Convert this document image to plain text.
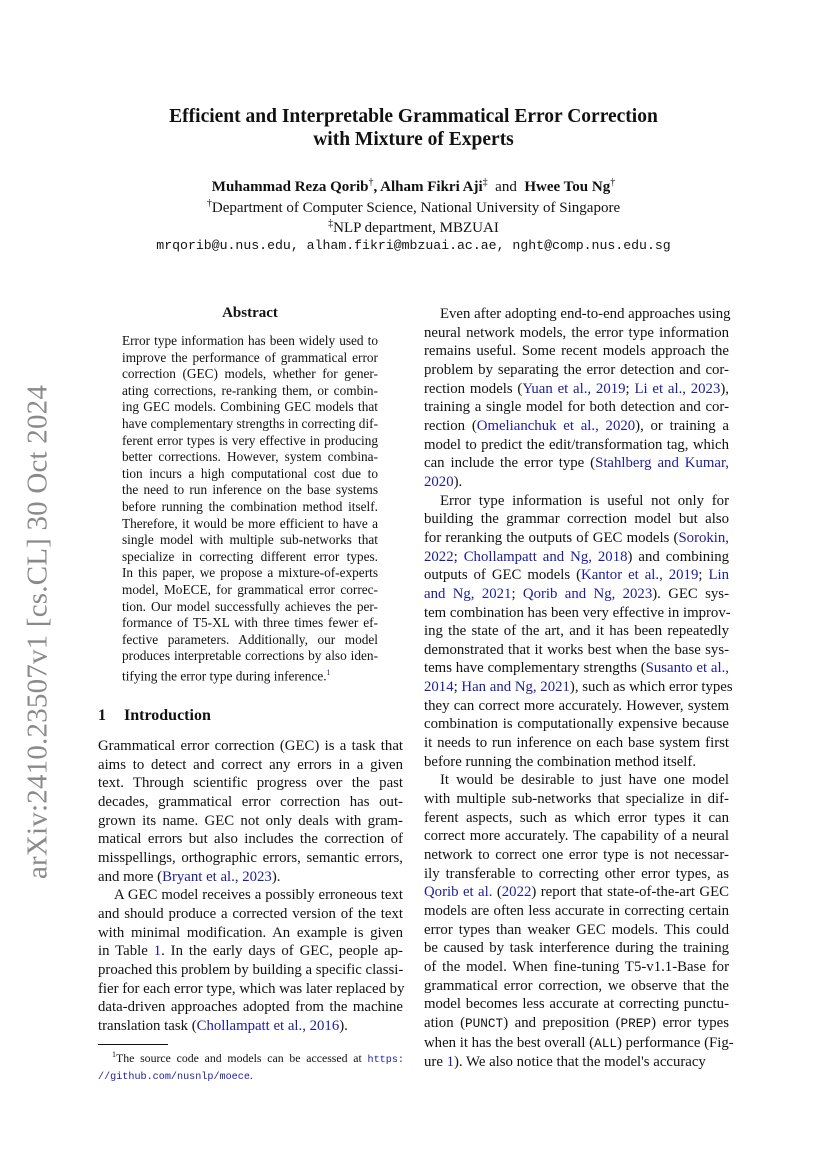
arXiv:2410.23507v1 [cs.CL] 30 Oct 2024
Efficient and Interpretable Grammatical Error Correction
with Mixture of Experts
Muhammad Reza Qorib†, Alham Fikri Aji‡ and Hwee Tou Ng†
†Department of Computer Science, National University of Singapore
‡NLP department, MBZUAI
mrqorib@u.nus.edu, alham.fikri@mbzuai.ac.ae, nght@comp.nus.edu.sg
Abstract
Error type information has been widely used to
improve the performance of grammatical error
correction (GEC) models, whether for gener-
ating corrections, re-ranking them, or combin-
ing GEC models. Combining GEC models that
have complementary strengths in correcting dif-
ferent error types is very effective in producing
better corrections. However, system combina-
tion incurs a high computational cost due to
the need to run inference on the base systems
before running the combination method itself.
Therefore, it would be more efficient to have a
single model with multiple sub-networks that
specialize in correcting different error types.
In this paper, we propose a mixture-of-experts
model, MoECE, for grammatical error correc-
tion. Our model successfully achieves the per-
formance of T5-XL with three times fewer ef-
fective parameters. Additionally, our model
produces interpretable corrections by also iden-
tifying the error type during inference.$^1$
1 Introduction
Grammatical error correction (GEC) is a task that
aims to detect and correct any errors in a given
text. Through scientific progress over the past
decades, grammatical error correction has out-
grown its name. GEC not only deals with gram-
matical errors but also includes the correction of
misspellings, orthographic errors, semantic errors,
and more (Bryant et al., 2023).
A GEC model receives a possibly erroneous text
and should produce a corrected version of the text
with minimal modification. An example is given
in Table 1. In the early days of GEC, people ap-
proached this problem by building a specific classi-
fier for each error type, which was later replaced by
data-driven approaches adopted from the machine
translation task (Chollampatt et al., 2016).
$^1$The source code and models can be accessed at https:
//github.com/nusnlp/moece.
Even after adopting end-to-end approaches using
neural network models, the error type information
remains useful. Some recent models approach the
problem by separating the error detection and cor-
rection models (Yuan et al., 2019; Li et al., 2023),
training a single model for both detection and cor-
rection (Omelianchuk et al., 2020), or training a
model to predict the edit/transformation tag, which
can include the error type (Stahlberg and Kumar,
2020).
Error type information is useful not only for
building the grammar correction model but also
for reranking the outputs of GEC models (Sorokin,
2022; Chollampatt and Ng, 2018) and combining
outputs of GEC models (Kantor et al., 2019; Lin
and Ng, 2021; Qorib and Ng, 2023). GEC sys-
tem combination has been very effective in improv-
ing the state of the art, and it has been repeatedly
demonstrated that it works best when the base sys-
tems have complementary strengths (Susanto et al.,
2014; Han and Ng, 2021), such as which error types
they can correct more accurately. However, system
combination is computationally expensive because
it needs to run inference on each base system first
before running the combination method itself.
It would be desirable to just have one model
with multiple sub-networks that specialize in dif-
ferent aspects, such as which error types it can
correct more accurately. The capability of a neural
network to correct one error type is not necessar-
ily transferable to correcting other error types, as
Qorib et al. (2022) report that state-of-the-art GEC
models are often less accurate in correcting certain
error types than weaker GEC models. This could
be caused by task interference during the training
of the model. When fine-tuning T5-v1.1-Base for
grammatical error correction, we observe that the
model becomes less accurate at correcting punctu-
ation (PUNCT) and preposition (PREP) error types
when it has the best overall (ALL) performance (Fig-
ure 1). We also notice that the model's accuracy
